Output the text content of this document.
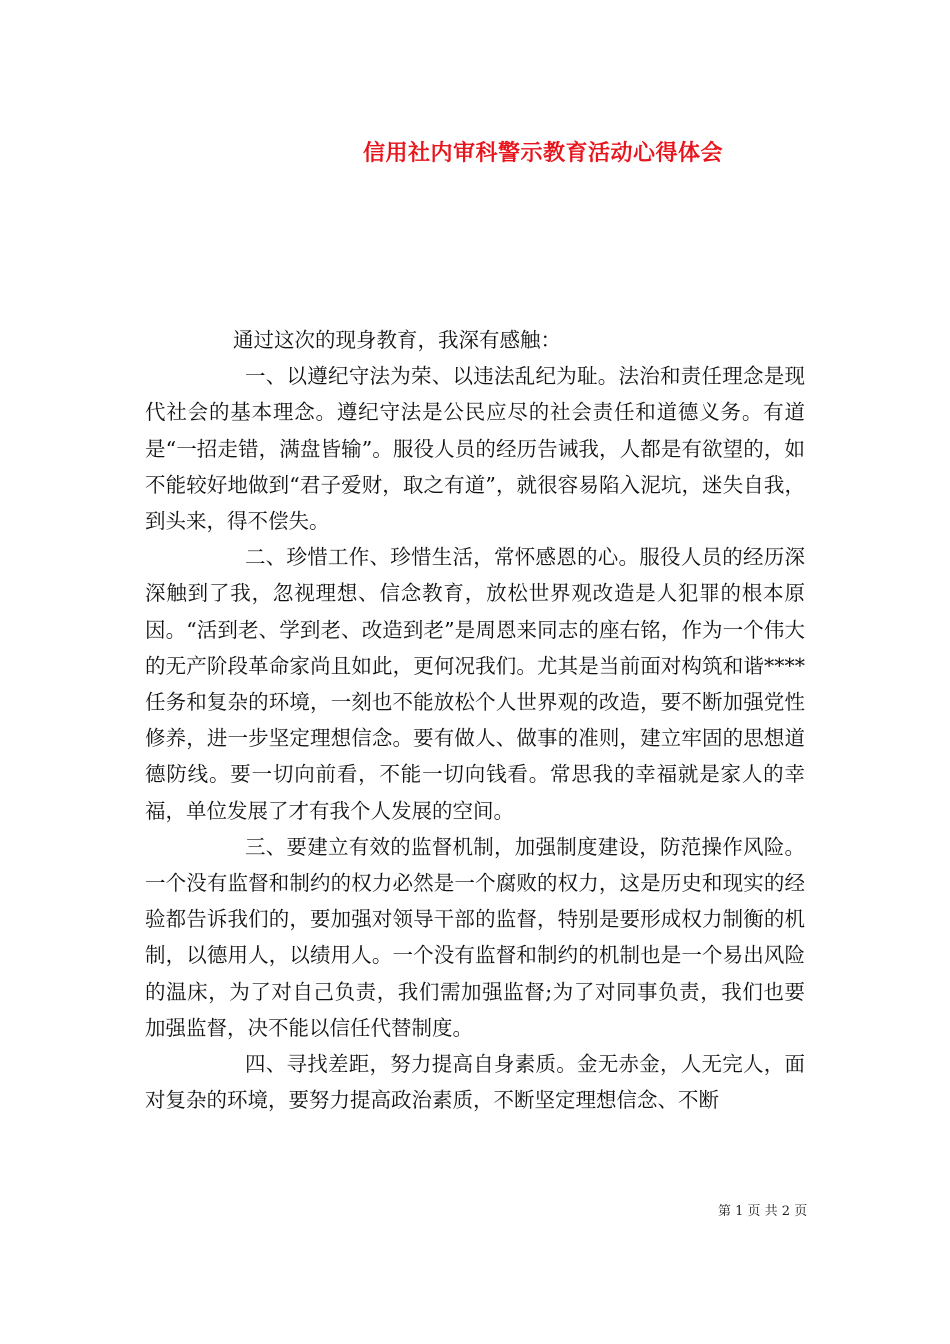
信用社内审科警示教育活动心得体会

通过这次的现身教育，我深有感触：

一、以遵纪守法为荣、以违法乱纪为耻。法治和责任理念是现代社会的基本理念。遵纪守法是公民应尽的社会责任和道德义务。有道是“一招走错，满盘皆输”。服役人员的经历告诫我，人都是有欲望的，如不能较好地做到“君子爱财，取之有道”，就很容易陷入泥坑，迷失自我，到头来，得不偿失。

二、珍惜工作、珍惜生活，常怀感恩的心。服役人员的经历深深触到了我，忽视理想、信念教育，放松世界观改造是人犯罪的根本原因。“活到老、学到老、改造到老”是周恩来同志的座右铭，作为一个伟大的无产阶段革命家尚且如此，更何况我们。尤其是当前面对构筑和谐****任务和复杂的环境，一刻也不能放松个人世界观的改造，要不断加强党性修养，进一步坚定理想信念。要有做人、做事的准则，建立牢固的思想道德防线。要一切向前看，不能一切向钱看。常思我的幸福就是家人的幸福，单位发展了才有我个人发展的空间。

三、要建立有效的监督机制，加强制度建设，防范操作风险。一个没有监督和制约的权力必然是一个腐败的权力，这是历史和现实的经验都告诉我们的，要加强对领导干部的监督，特别是要形成权力制衡的机制，以德用人，以绩用人。一个没有监督和制约的机制也是一个易出风险的温床，为了对自己负责，我们需加强监督;为了对同事负责，我们也要加强监督，决不能以信任代替制度。

四、寻找差距，努力提高自身素质。金无赤金，人无完人，面对复杂的环境，要努力提高政治素质，不断坚定理想信念、不断

第 1 页 共 2 页
